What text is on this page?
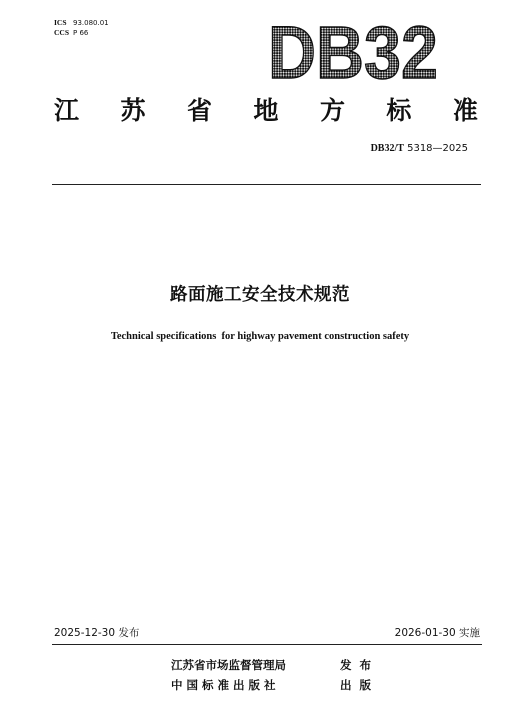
ICS 93.080.01
CCS P 66 DB32
江 苏 省 地 方 标 准
DB32/T 5318—2025
路面施工安全技术规范
Technical specifications  for highway pavement construction safety
2025-12-30 发布	2026-01-30 实施
江苏省市场监督管理局	发  布
中 国 标 准 出 版 社	出  版
